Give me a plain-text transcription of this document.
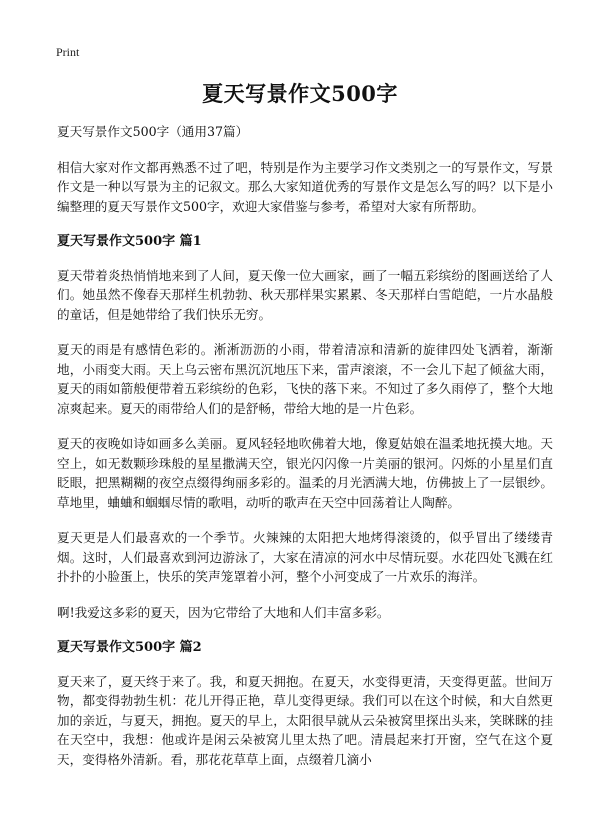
Print
夏天写景作文500字

夏天写景作文500字（通用37篇）

相信大家对作文都再熟悉不过了吧，特别是作为主要学习作文类别之一的写景作文，写景作文是一种以写景为主的记叙文。那么大家知道优秀的写景作文是怎么写的吗？以下是小编整理的夏天写景作文500字，欢迎大家借鉴与参考，希望对大家有所帮助。

夏天写景作文500字 篇1

夏天带着炎热悄悄地来到了人间，夏天像一位大画家，画了一幅五彩缤纷的图画送给了人们。她虽然不像春天那样生机勃勃、秋天那样果实累累、冬天那样白雪皑皑，一片水晶般的童话，但是她带给了我们快乐无穷。

夏天的雨是有感情色彩的。淅淅沥沥的小雨，带着清凉和清新的旋律四处飞洒着，渐渐地，小雨变大雨。天上乌云密布黑沉沉地压下来，雷声滚滚，不一会儿下起了倾盆大雨，夏天的雨如箭般便带着五彩缤纷的色彩，飞快的落下来。不知过了多久雨停了，整个大地凉爽起来。夏天的雨带给人们的是舒畅，带给大地的是一片色彩。

夏天的夜晚如诗如画多么美丽。夏风轻轻地吹佛着大地，像夏姑娘在温柔地抚摸大地。天空上，如无数颗珍珠般的星星撒满天空，银光闪闪像一片美丽的银河。闪烁的小星星们直眨眼，把黑糊糊的夜空点缀得绚丽多彩的。温柔的月光洒满大地，仿佛披上了一层银纱。草地里，蛐蛐和蝈蝈尽情的歌唱，动听的歌声在天空中回荡着让人陶醉。

夏天更是人们最喜欢的一个季节。火辣辣的太阳把大地烤得滚烫的，似乎冒出了缕缕青烟。这时，人们最喜欢到河边游泳了，大家在清凉的河水中尽情玩耍。水花四处飞溅在红扑扑的小脸蛋上，快乐的笑声笼罩着小河，整个小河变成了一片欢乐的海洋。

啊!我爱这多彩的夏天，因为它带给了大地和人们丰富多彩。

夏天写景作文500字 篇2

夏天来了，夏天终于来了。我，和夏天拥抱。在夏天，水变得更清，天变得更蓝。世间万物，都变得勃勃生机：花儿开得正艳，草儿变得更绿。我们可以在这个时候，和大自然更加的亲近，与夏天，拥抱。夏天的早上，太阳很早就从云朵被窝里探出头来，笑眯眯的挂在天空中，我想：他或许是闲云朵被窝儿里太热了吧。清晨起来打开窗，空气在这个夏天，变得格外清新。看，那花花草草上面，点缀着几滴小
